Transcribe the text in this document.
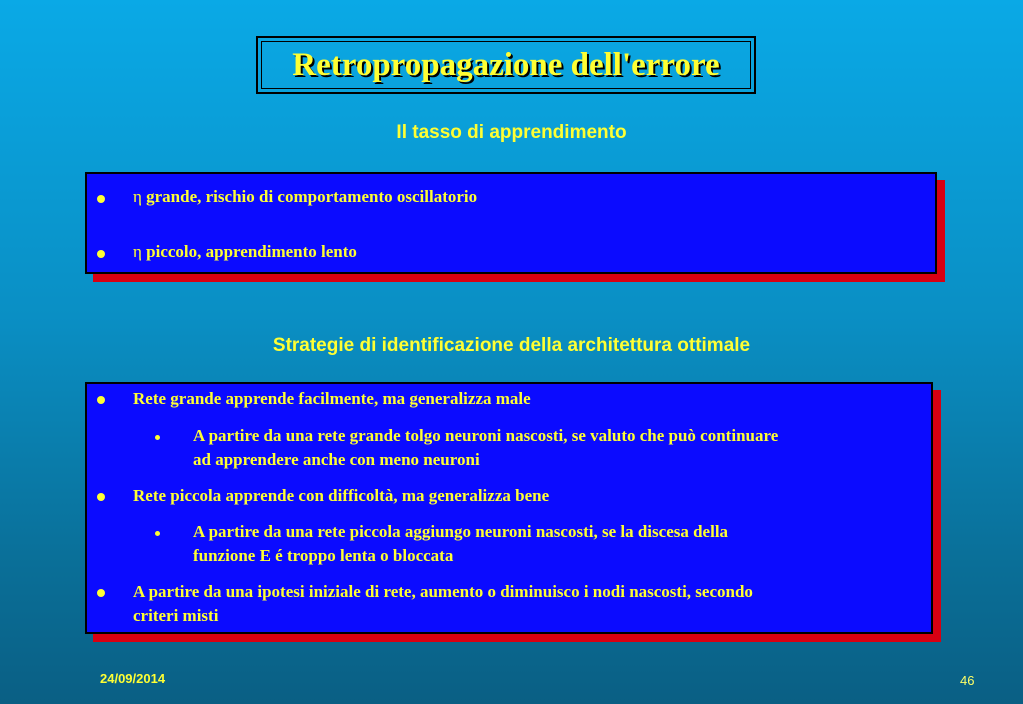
Retropropagazione dell'errore
Il tasso di apprendimento
η grande, rischio di comportamento oscillatorio
η piccolo, apprendimento lento
Strategie di identificazione della architettura ottimale
Rete grande apprende facilmente, ma generalizza male
A partire da una rete grande tolgo neuroni nascosti, se valuto che può continuare
ad apprendere anche con meno neuroni
Rete piccola apprende con difficoltà, ma generalizza bene
A partire da una rete piccola aggiungo neuroni nascosti, se la discesa della
funzione E é troppo lenta o bloccata
A partire da una ipotesi iniziale di rete, aumento o diminuisco i nodi nascosti, secondo
criteri misti
24/09/2014	46
